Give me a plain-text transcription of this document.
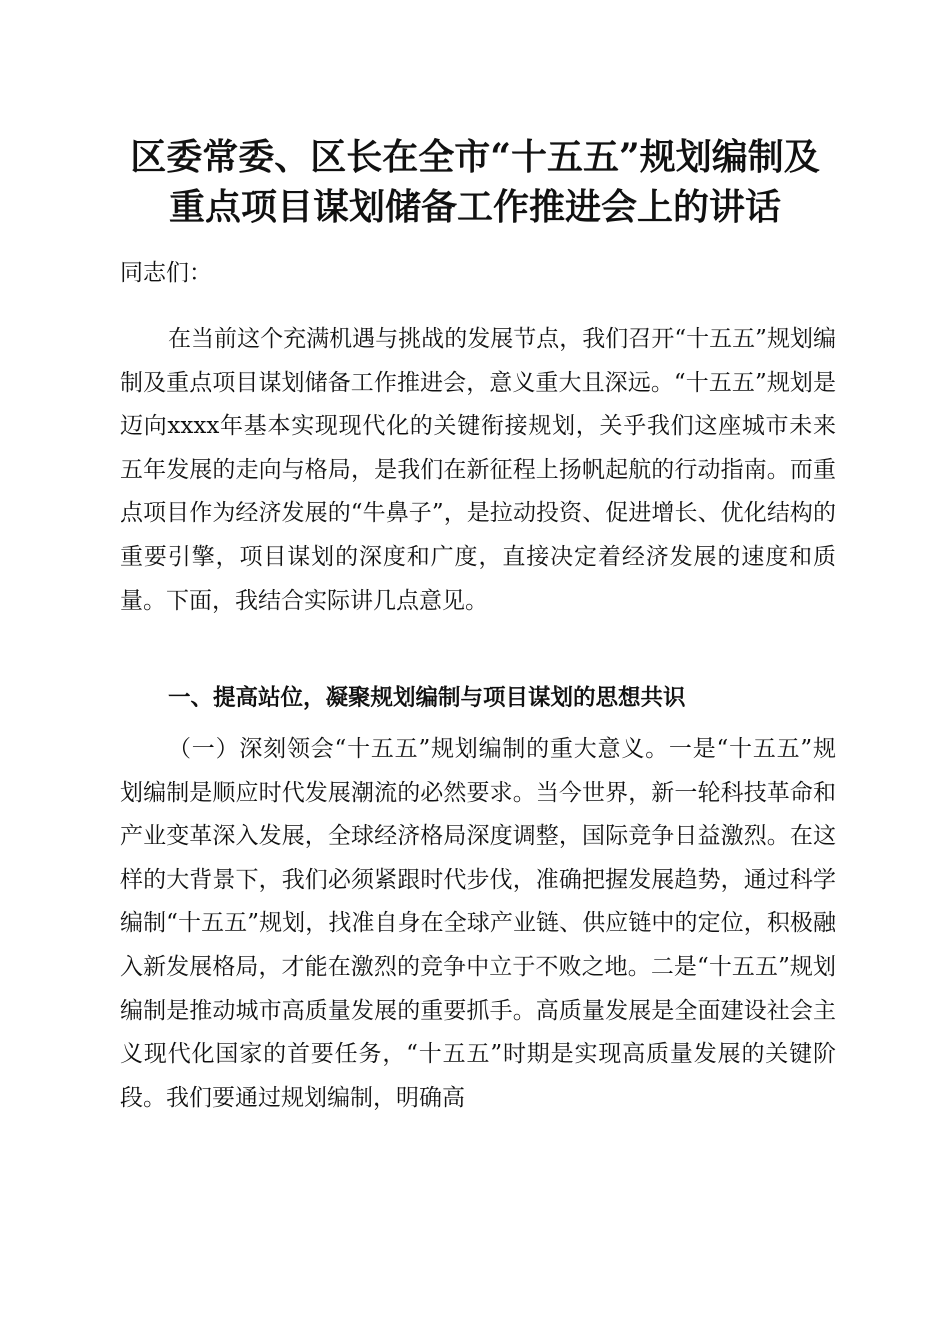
区委常委、区长在全市“十五五”规划编制及
重点项目谋划储备工作推进会上的讲话

同志们：

在当前这个充满机遇与挑战的发展节点，我们召开“十五五”规划编制及重点项目谋划储备工作推进会，意义重大且深远。“十五五”规划是迈向xxxx年基本实现现代化的关键衔接规划，关乎我们这座城市未来五年发展的走向与格局，是我们在新征程上扬帆起航的行动指南。而重点项目作为经济发展的“牛鼻子”，是拉动投资、促进增长、优化结构的重要引擎，项目谋划的深度和广度，直接决定着经济发展的速度和质量。下面，我结合实际讲几点意见。

一、提高站位，凝聚规划编制与项目谋划的思想共识

（一）深刻领会“十五五”规划编制的重大意义。一是“十五五”规划编制是顺应时代发展潮流的必然要求。当今世界，新一轮科技革命和产业变革深入发展，全球经济格局深度调整，国际竞争日益激烈。在这样的大背景下，我们必须紧跟时代步伐，准确把握发展趋势，通过科学编制“十五五”规划，找准自身在全球产业链、供应链中的定位，积极融入新发展格局，才能在激烈的竞争中立于不败之地。二是“十五五”规划编制是推动城市高质量发展的重要抓手。高质量发展是全面建设社会主义现代化国家的首要任务，“十五五”时期是实现高质量发展的关键阶段。我们要通过规划编制，明确高
